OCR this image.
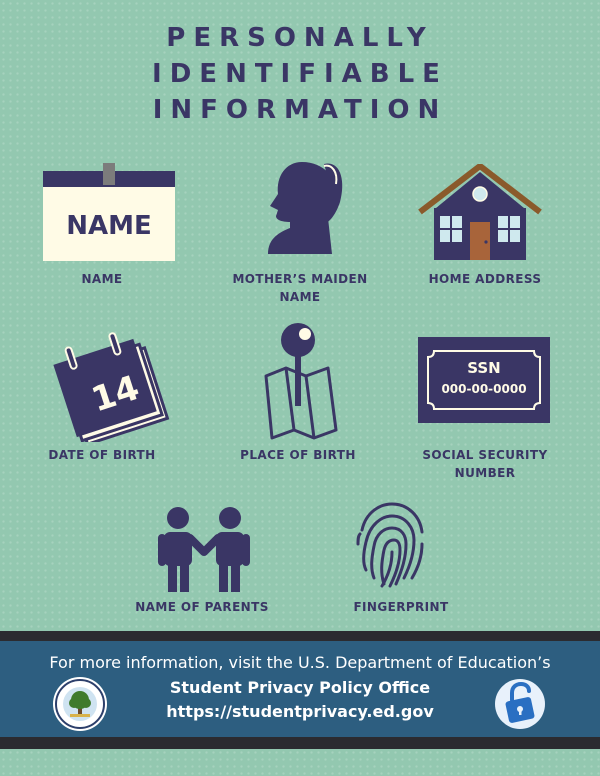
PERSONALLY
IDENTIFIABLE
INFORMATION
NAME
NAME	MOTHER’S MAIDEN
NAME
HOME ADDRESS
14
DATE OF BIRTH	PLACE OF BIRTH
SSN
000-00-0000
SOCIAL SECURITY
NUMBER
NAME OF PARENTS	FINGERPRINT
For more information, visit the U.S. Department of Education’s
Student Privacy Policy Office
https://studentprivacy.ed.gov
